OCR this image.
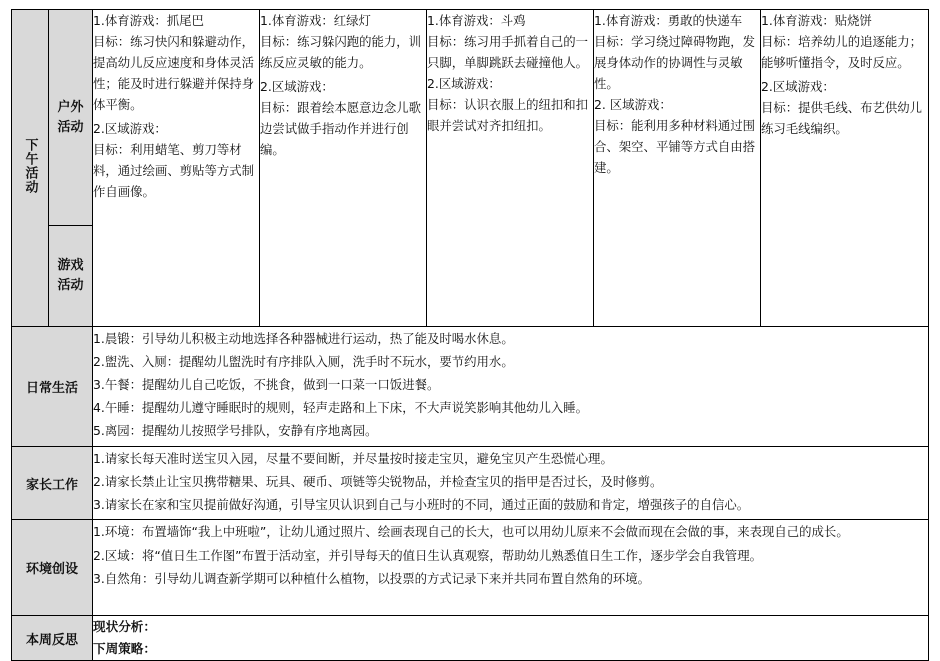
下午活动	户外活动	1.体育游戏：抓尾巴
目标：练习快闪和躲避动作，提高幼儿反应速度和身体灵活性；能及时进行躲避并保持身体平衡。
2.区域游戏：
目标：利用蜡笔、剪刀等材料，通过绘画、剪贴等方式制作自画像。	1.体育游戏：红绿灯
目标：练习躲闪跑的能力，训练反应灵敏的能力。
2.区域游戏：
目标：跟着绘本愿意边念儿歌边尝试做手指动作并进行创编。	1.体育游戏：斗鸡
目标：练习用手抓着自己的一只脚，单脚跳跃去碰撞他人。
2.区域游戏：
目标：认识衣服上的纽扣和扣眼并尝试对齐扣纽扣。	1.体育游戏：勇敢的快递车
目标：学习绕过障碍物跑，发展身体动作的协调性与灵敏性。
2. 区域游戏：
目标：能利用多种材料通过围合、架空、平铺等方式自由搭建。	1.体育游戏：贴烧饼
目标：培养幼儿的追逐能力；能够听懂指令，及时反应。
2.区域游戏：
目标：提供毛线、布艺供幼儿练习毛线编织。

	游戏活动					

日常生活		1.晨锻：引导幼儿积极主动地选择各种器械进行运动，热了能及时喝水休息。
2.盥洗、入厕：提醒幼儿盥洗时有序排队入厕，洗手时不玩水，要节约用水。
3.午餐：提醒幼儿自己吃饭，不挑食，做到一口菜一口饭进餐。
4.午睡：提醒幼儿遵守睡眠时的规则，轻声走路和上下床，不大声说笑影响其他幼儿入睡。
5.离园：提醒幼儿按照学号排队，安静有序地离园。				

家长工作		1.请家长每天准时送宝贝入园，尽量不要间断，并尽量按时接走宝贝，避免宝贝产生恐慌心理。
2.请家长禁止让宝贝携带糖果、玩具、硬币、项链等尖锐物品，并检查宝贝的指甲是否过长，及时修剪。
3.请家长在家和宝贝提前做好沟通，引导宝贝认识到自己与小班时的不同，通过正面的鼓励和肯定，增强孩子的自信心。				

环境创设		1.环境：布置墙饰“我上中班啦”，让幼儿通过照片、绘画表现自己的长大，也可以用幼儿原来不会做而现在会做的事，来表现自己的成长。
2.区域：将“值日生工作图”布置于活动室，并引导每天的值日生认真观察，帮助幼儿熟悉值日生工作，逐步学会自我管理。
3.自然角：引导幼儿调查新学期可以种植什么植物，以投票的方式记录下来并共同布置自然角的环境。				

本周反思		现状分析：
下周策略：				
